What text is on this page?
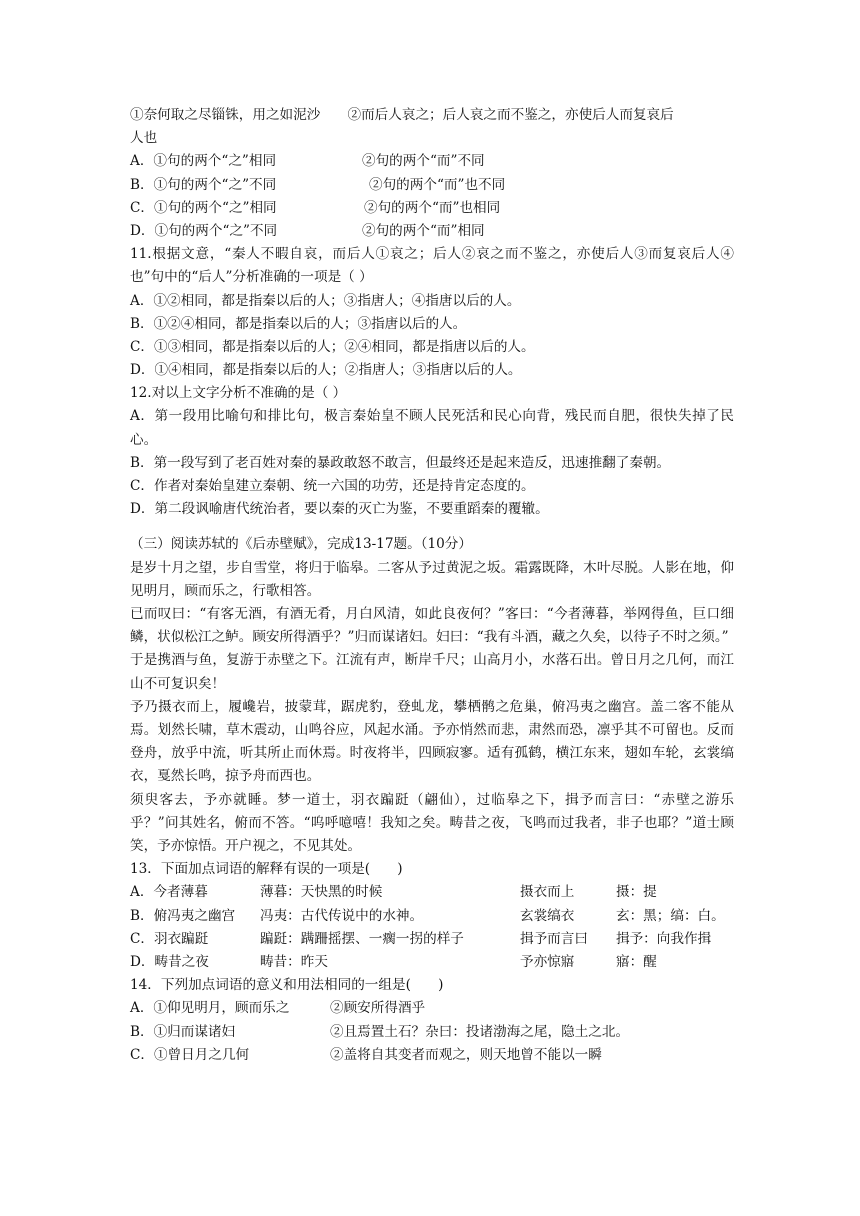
①奈何取之尽锱铢，用之如泥沙　　②而后人哀之；后人哀之而不鉴之，亦使后人而复哀后
人也
A．①句的两个“之”相同	②句的两个“而”不同
B．①句的两个“之”不同	②句的两个“而”也不同
C．①句的两个“之”相同	②句的两个“而”也相同
D．①句的两个“之”不同	②句的两个“而”相同
11.根据文意，“秦人不暇自哀，而后人①哀之；后人②哀之而不鉴之，亦使后人③而复哀后人④也”句中的“后人”分析准确的一项是（ ）
A．①②相同，都是指秦以后的人；③指唐人；④指唐以后的人。
B．①②④相同，都是指秦以后的人；③指唐以后的人。
C．①③相同，都是指秦以后的人；②④相同，都是指唐以后的人。
D．①④相同，都是指秦以后的人；②指唐人；③指唐以后的人。
12.对以上文字分析不准确的是（ ）
A．第一段用比喻句和排比句，极言秦始皇不顾人民死活和民心向背，残民而自肥，很快失掉了民心。
B．第一段写到了老百姓对秦的暴政敢怒不敢言，但最终还是起来造反，迅速推翻了秦朝。
C．作者对秦始皇建立秦朝、统一六国的功劳，还是持肯定态度的。
D．第二段讽喻唐代统治者，要以秦的灭亡为鉴，不要重蹈秦的覆辙。
（三）阅读苏轼的《后赤壁赋》，完成13-17题。（10分）
是岁十月之望，步自雪堂，将归于临皋。二客从予过黄泥之坂。霜露既降，木叶尽脱。人影在地，仰见明月，顾而乐之，行歌相答。
已而叹曰：“有客无酒，有酒无肴，月白风清，如此良夜何？”客曰：“今者薄暮，举网得鱼，巨口细鳞，状似松江之鲈。顾安所得酒乎？”归而谋诸妇。妇曰：“我有斗酒，藏之久矣，以待子不时之须。”
于是携酒与鱼，复游于赤壁之下。江流有声，断岸千尺；山高月小，水落石出。曾日月之几何，而江山不可复识矣！
予乃摄衣而上，履巉岩，披蒙茸，踞虎豹，登虬龙，攀栖鹘之危巢，俯冯夷之幽宫。盖二客不能从焉。划然长啸，草木震动，山鸣谷应，风起水涌。予亦悄然而悲，肃然而恐，凛乎其不可留也。反而登舟，放乎中流，听其所止而休焉。时夜将半，四顾寂寥。适有孤鹤，横江东来，翅如车轮，玄裳缟衣，戛然长鸣，掠予舟而西也。
须臾客去，予亦就睡。梦一道士，羽衣蹁跹（翩仙），过临皋之下，揖予而言曰：“赤壁之游乐乎？”问其姓名，俯而不答。“呜呼噫嘻！我知之矣。畴昔之夜，飞鸣而过我者，非子也耶？”道士顾笑，予亦惊悟。开户视之，不见其处。
13．下面加点词语的解释有误的一项是(　　)
A．今者薄暮	薄暮：天快黑的时候	摄衣而上	摄：提
B．俯冯夷之幽宫 冯夷：古代传说中的水神。	玄裳缟衣	玄：黑；缟：白。
C．羽衣蹁跹	蹁跹：蹒跚摇摆、一瘸一拐的样子	揖予而言曰 揖予：向我作揖
D．畴昔之夜	畴昔：昨天	予亦惊寤	寤：醒
14．下列加点词语的意义和用法相同的一组是(　　)
A．①仰见明月，顾而乐之	②顾安所得酒乎
B．①归而谋诸妇	②且焉置土石？杂曰：投诸渤海之尾，隐土之北。
C．①曾日月之几何	②盖将自其变者而观之，则天地曾不能以一瞬
